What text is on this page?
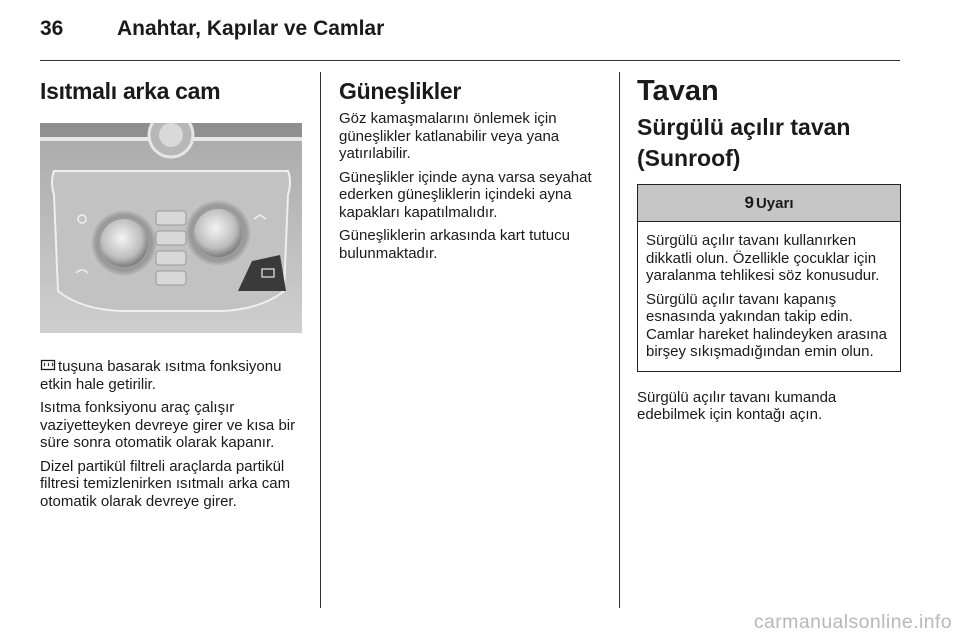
36	Anahtar, Kapılar ve Camlar
Isıtmalı arka cam

tuşuna basarak ısıtma fonksiyonu etkin hale getirilir.

Isıtma fonksiyonu araç çalışır vaziyetteyken devreye girer ve kısa bir süre sonra otomatik olarak kapanır.

Dizel partikül filtreli araçlarda partikül filtresi temizlenirken ısıtmalı arka cam otomatik olarak devreye girer.

Güneşlikler

Göz kamaşmalarını önlemek için güneşlikler katlanabilir veya yana yatırılabilir.

Güneşlikler içinde ayna varsa seyahat ederken güneşliklerin içindeki ayna kapakları kapatılmalıdır.

Güneşliklerin arkasında kart tutucu bulunmaktadır.

Tavan
Sürgülü açılır tavan (Sunroof)
9 Uyarı

Sürgülü açılır tavanı kullanırken dikkatli olun. Özellikle çocuklar için yaralanma tehlikesi söz konusudur.

Sürgülü açılır tavanı kapanış esnasında yakından takip edin. Camlar hareket halindeyken arasına birşey sıkışmadığından emin olun.

Sürgülü açılır tavanı kumanda edebilmek için kontağı açın.

carmanualsonline.info
